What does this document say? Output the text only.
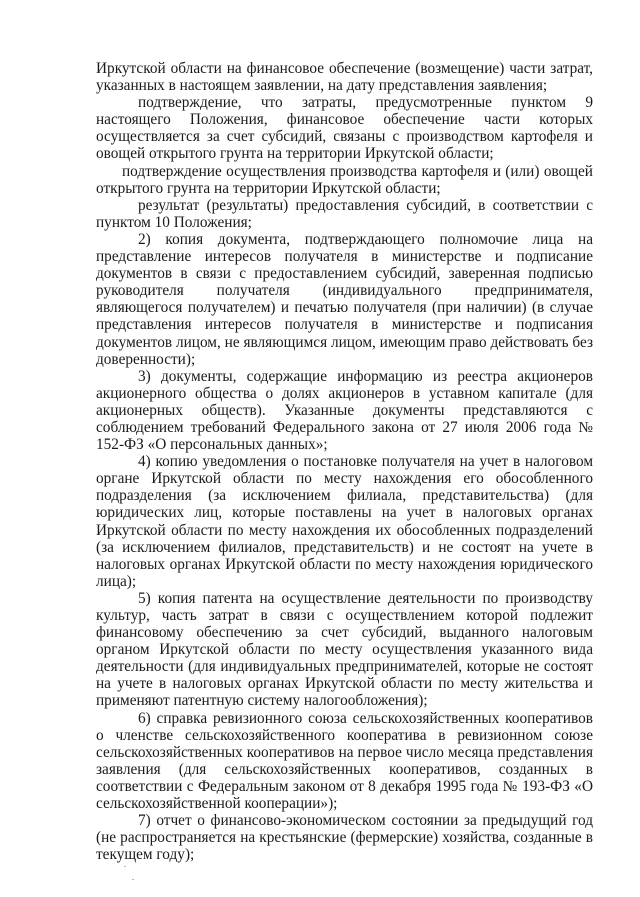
Иркутской области на финансовое обеспечение (возмещение) части затрат, указанных в настоящем заявлении, на дату представления заявления;

подтверждение, что затраты, предусмотренные пунктом 9 настоящего Положения, финансовое обеспечение части которых осуществляется за счет субсидий, связаны с производством картофеля и овощей открытого грунта на территории Иркутской области;

подтверждение осуществления производства картофеля и (или) овощей открытого грунта на территории Иркутской области;

результат (результаты) предоставления субсидий, в соответствии с пунктом 10 Положения;

2) копия документа, подтверждающего полномочие лица на представление интересов получателя в министерстве и подписание документов в связи с предоставлением субсидий, заверенная подписью руководителя получателя (индивидуального предпринимателя, являющегося получателем) и печатью получателя (при наличии) (в случае представления интересов получателя в министерстве и подписания документов лицом, не являющимся лицом, имеющим право действовать без доверенности);

3) документы, содержащие информацию из реестра акционеров акционерного общества о долях акционеров в уставном капитале (для акционерных обществ). Указанные документы представляются с соблюдением требований Федерального закона от 27 июля 2006 года № 152-ФЗ «О персональных данных»;

4) копию уведомления о постановке получателя на учет в налоговом органе Иркутской области по месту нахождения его обособленного подразделения (за исключением филиала, представительства) (для юридических лиц, которые поставлены на учет в налоговых органах Иркутской области по месту нахождения их обособленных подразделений (за исключением филиалов, представительств) и не состоят на учете в налоговых органах Иркутской области по месту нахождения юридического лица);

5) копия патента на осуществление деятельности по производству культур, часть затрат в связи с осуществлением которой подлежит финансовому обеспечению за счет субсидий, выданного налоговым органом Иркутской области по месту осуществления указанного вида деятельности (для индивидуальных предпринимателей, которые не состоят на учете в налоговых органах Иркутской области по месту жительства и применяют патентную систему налогообложения);

6) справка ревизионного союза сельскохозяйственных кооперативов о членстве сельскохозяйственного кооператива в ревизионном союзе сельскохозяйственных кооперативов на первое число месяца представления заявления (для сельскохозяйственных кооперативов, созданных в соответствии с Федеральным законом от 8 декабря 1995 года № 193-ФЗ «О сельскохозяйственной кооперации»);

7) отчет о финансово-экономическом состоянии за предыдущий год (не распространяется на крестьянские (фермерские) хозяйства, созданные в текущем году);
